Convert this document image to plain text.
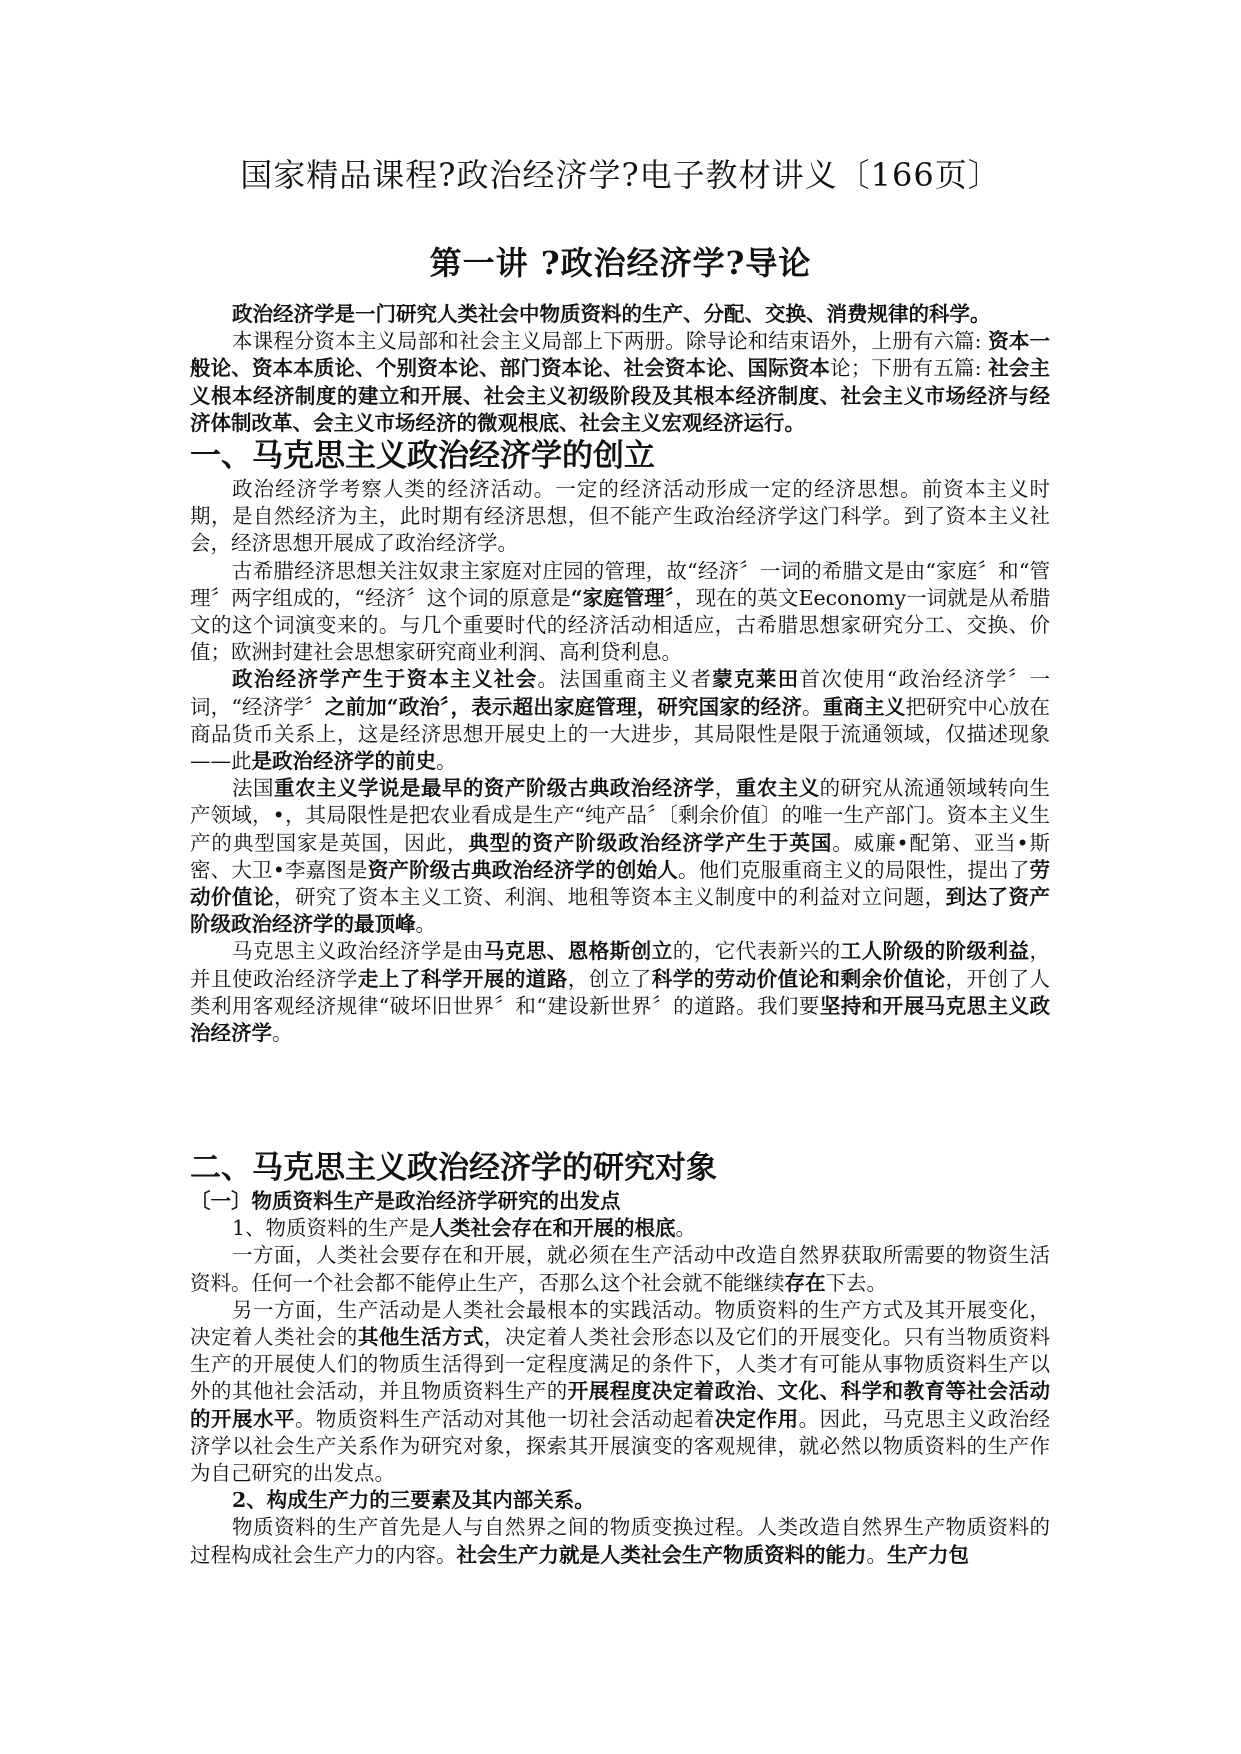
国家精品课程?政治经济学?电子教材讲义〔166页〕
第一讲 ?政治经济学?导论

政治经济学是一门研究人类社会中物质资料的生产、分配、交换、消费规律的科学。

本课程分资本主义局部和社会主义局部上下两册。除导论和结束语外，上册有六篇: 资本一般论、资本本质论、个别资本论、部门资本论、社会资本论、国际资本论；下册有五篇: 社会主义根本经济制度的建立和开展、社会主义初级阶段及其根本经济制度、社会主义市场经济与经济体制改革、会主义市场经济的微观根底、社会主义宏观经济运行。

一、马克思主义政治经济学的创立

政治经济学考察人类的经济活动。一定的经济活动形成一定的经济思想。前资本主义时期，是自然经济为主，此时期有经济思想，但不能产生政治经济学这门科学。到了资本主义社会，经济思想开展成了政治经济学。

古希腊经济思想关注奴隶主家庭对庄园的管理，故“经济〞一词的希腊文是由“家庭〞和“管理〞两字组成的，“经济〞这个词的原意是“家庭管理〞，现在的英文Eeconomy一词就是从希腊文的这个词演变来的。与几个重要时代的经济活动相适应，古希腊思想家研究分工、交换、价值；欧洲封建社会思想家研究商业利润、高利贷利息。

政治经济学产生于资本主义社会。法国重商主义者蒙克莱田首次使用“政治经济学〞一词，“经济学〞之前加“政治〞，表示超出家庭管理，研究国家的经济。重商主义把研究中心放在商品货币关系上，这是经济思想开展史上的一大进步，其局限性是限于流通领域，仅描述现象——此是政治经济学的前史。

法国重农主义学说是最早的资产阶级古典政治经济学，重农主义的研究从流通领域转向生产领域，•，其局限性是把农业看成是生产“纯产品〞〔剩余价值〕的唯一生产部门。资本主义生产的典型国家是英国，因此，典型的资产阶级政治经济学产生于英国。威廉•配第、亚当•斯密、大卫•李嘉图是资产阶级古典政治经济学的创始人。他们克服重商主义的局限性，提出了劳动价值论，研究了资本主义工资、利润、地租等资本主义制度中的利益对立问题，到达了资产阶级政治经济学的最顶峰。

马克思主义政治经济学是由马克思、恩格斯创立的，它代表新兴的工人阶级的阶级利益，并且使政治经济学走上了科学开展的道路，创立了科学的劳动价值论和剩余价值论，开创了人类利用客观经济规律“破坏旧世界〞和“建设新世界〞的道路。我们要坚持和开展马克思主义政治经济学。

二、马克思主义政治经济学的研究对象
〔一〕物质资料生产是政治经济学研究的出发点

1、物质资料的生产是人类社会存在和开展的根底。

一方面，人类社会要存在和开展，就必须在生产活动中改造自然界获取所需要的物资生活资料。任何一个社会都不能停止生产，否那么这个社会就不能继续存在下去。

另一方面，生产活动是人类社会最根本的实践活动。物质资料的生产方式及其开展变化，决定着人类社会的其他生活方式，决定着人类社会形态以及它们的开展变化。只有当物质资料生产的开展使人们的物质生活得到一定程度满足的条件下，人类才有可能从事物质资料生产以外的其他社会活动，并且物质资料生产的开展程度决定着政治、文化、科学和教育等社会活动的开展水平。物质资料生产活动对其他一切社会活动起着决定作用。因此，马克思主义政治经济学以社会生产关系作为研究对象，探索其开展演变的客观规律，就必然以物质资料的生产作为自己研究的出发点。

2、构成生产力的三要素及其内部关系。

物质资料的生产首先是人与自然界之间的物质变换过程。人类改造自然界生产物质资料的过程构成社会生产力的内容。社会生产力就是人类社会生产物质资料的能力。生产力包
